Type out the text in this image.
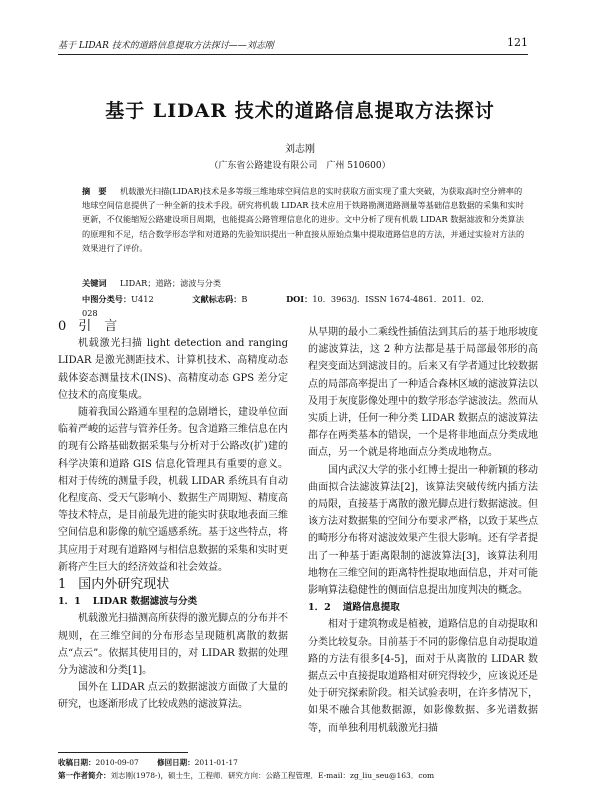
基于 LIDAR 技术的道路信息提取方法探讨——刘志刚	121
基于 LIDAR 技术的道路信息提取方法探讨
刘志刚
（广东省公路建设有限公司　广州 510600）
摘　要 　 机载激光扫描(LIDAR)技术是多等级三维地球空间信息的实时获取方面实现了重大突破，为获取高时空分辨率的地球空间信息提供了一种全新的技术手段。研究将机载 LIDAR 技术应用于铁路勘测道路测量等基础信息数据的采集和实时更新，不仅能缩短公路建设项目周期，也能提高公路管理信息化的进步。文中分析了现有机载 LIDAR 数据滤波和分类算法的原理和不足，结合数学形态学和对道路的先验知识提出一种直接从原始点集中提取道路信息的方法，并通过实验对方法的效果进行了评价。
关键词 　 LIDAR；道路；滤波与分类
中图分类号：U412	文献标志码：B	DOI：10．3963/j．ISSN 1674-4861．2011．02．028

0 引　言

机载激光扫描 light detection and ranging LIDAR 是激光测距技术、计算机技术、高精度动态载体姿态测量技术(INS)、高精度动态 GPS 差分定位技术的高度集成。

随着我国公路通车里程的急剧增长，建设单位面临着严峻的运营与管养任务。包含道路三维信息在内的现有公路基础数据采集与分析对于公路改(扩)建的科学决策和道路 GIS 信息化管理具有重要的意义。相对于传统的测量手段，机载 LIDAR 系统具有自动化程度高、受天气影响小、数据生产周期短、精度高等技术特点，是目前最先进的能实时获取地表面三维空间信息和影像的航空遥感系统。基于这些特点，将其应用于对现有道路网与相信息数据的采集和实时更新将产生巨大的经济效益和社会效益。

1 国内外研究现状

1．1 LIDAR 数据滤波与分类

机载激光扫描测高所获得的激光脚点的分布并不规则，在三维空间的分布形态呈现随机离散的数据点“点云”。依据其使用目的，对 LIDAR 数据的处理分为滤波和分类[1]。

国外在 LIDAR 点云的数据滤波方面做了大量的研究，也逐渐形成了比较成熟的滤波算法。

从早期的最小二乘线性插值法到其后的基于地形坡度的滤波算法，这 2 种方法都是基于局部最邻形的高程突变面达到滤波目的。后来又有学者通过比较数据点的局部高率提出了一种适合森林区域的滤波算法以及用于灰度影像处理中的数学形态学滤波法。然而从实质上讲，任何一种分类 LIDAR 数据点的滤波算法都存在两类基本的错误，一个是将非地面点分类成地面点，另一个就是将地面点分类成地物点。

国内武汉大学的张小红博士提出一种新颖的移动曲面拟合法滤波算法[2]，该算法突破传统内插方法的局限，直接基于离散的激光脚点进行数据滤波。但该方法对数据集的空间分布要求严格，以致于某些点的畸形分布将对滤波效果产生很大影响。还有学者提出了一种基于距离限制的滤波算法[3]，该算法利用地物在三维空间的距离特性提取地面信息，并对可能影响算法稳健性的侧面信息提出加度判决的概念。

1．2 道路信息提取

相对于建筑物或是植被，道路信息的自动提取和分类比较复杂。目前基于不同的影像信息自动提取道路的方法有很多[4-5]，面对于从离散的 LIDAR 数据点云中直接提取道路相对研究得较少，应该说还是处于研究探索阶段。相关试验表明，在许多情况下，如果不融合其他数据源，如影像数据、多光谱数据等，而单独利用机载激光扫描

收稿日期：2010-09-07 修回日期：2011-01-17
第一作者简介：刘志刚(1978-)，硕士生，工程师．研究方向：公路工程管理．E-mail：zg_liu_seu@163．com
